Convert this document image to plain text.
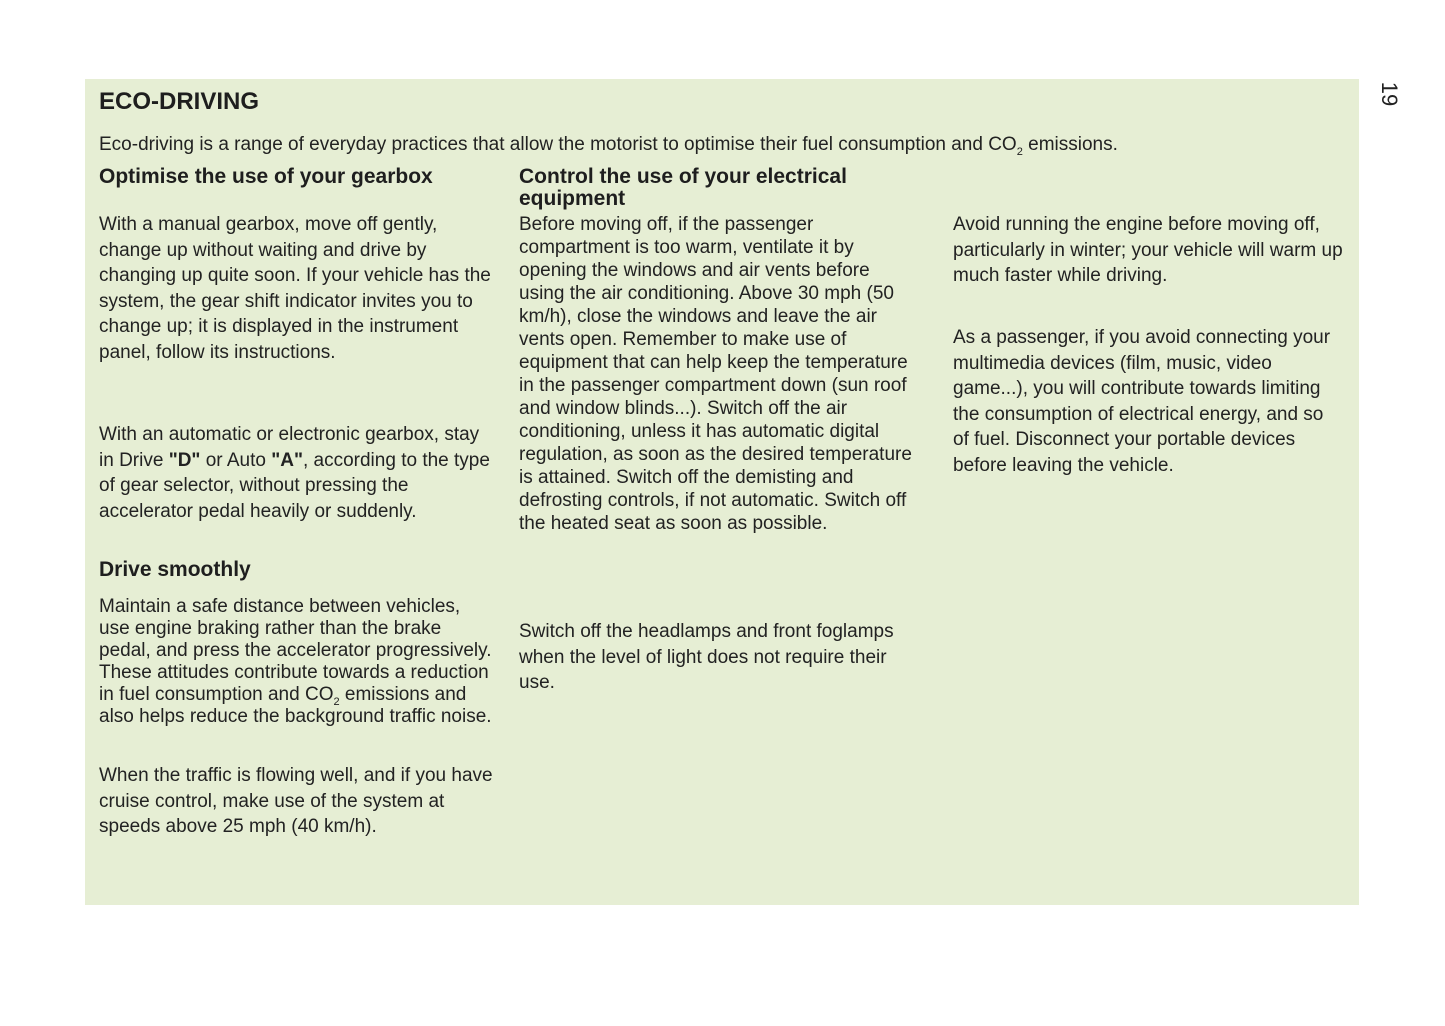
19
ECO-DRIVING

Eco-driving is a range of everyday practices that allow the motorist to optimise their fuel consumption and $CO_2$ emissions.

Optimise the use of your gearbox

With a manual gearbox, move off gently, change up without waiting and drive by changing up quite soon. If your vehicle has the system, the gear shift indicator invites you to change up; it is displayed in the instrument panel, follow its instructions.

With an automatic or electronic gearbox, stay in Drive "D" or Auto "A", according to the type of gear selector, without pressing the accelerator pedal heavily or suddenly.

Drive smoothly

Maintain a safe distance between vehicles, use engine braking rather than the brake pedal, and press the accelerator progressively. These attitudes contribute towards a reduction in fuel consumption and $CO_2$ emissions and also helps reduce the background traffic noise.

When the traffic is flowing well, and if you have cruise control, make use of the system at speeds above 25 mph (40 km/h).

Control the use of your electrical equipment

Before moving off, if the passenger compartment is too warm, ventilate it by opening the windows and air vents before using the air conditioning. Above 30 mph (50 km/h), close the windows and leave the air vents open. Remember to make use of equipment that can help keep the temperature in the passenger compartment down (sun roof and window blinds...). Switch off the air conditioning, unless it has automatic digital regulation, as soon as the desired temperature is attained. Switch off the demisting and defrosting controls, if not automatic. Switch off the heated seat as soon as possible.

Switch off the headlamps and front foglamps when the level of light does not require their use.

Avoid running the engine before moving off, particularly in winter; your vehicle will warm up much faster while driving.

As a passenger, if you avoid connecting your multimedia devices (film, music, video game...), you will contribute towards limiting the consumption of electrical energy, and so of fuel. Disconnect your portable devices before leaving the vehicle.
